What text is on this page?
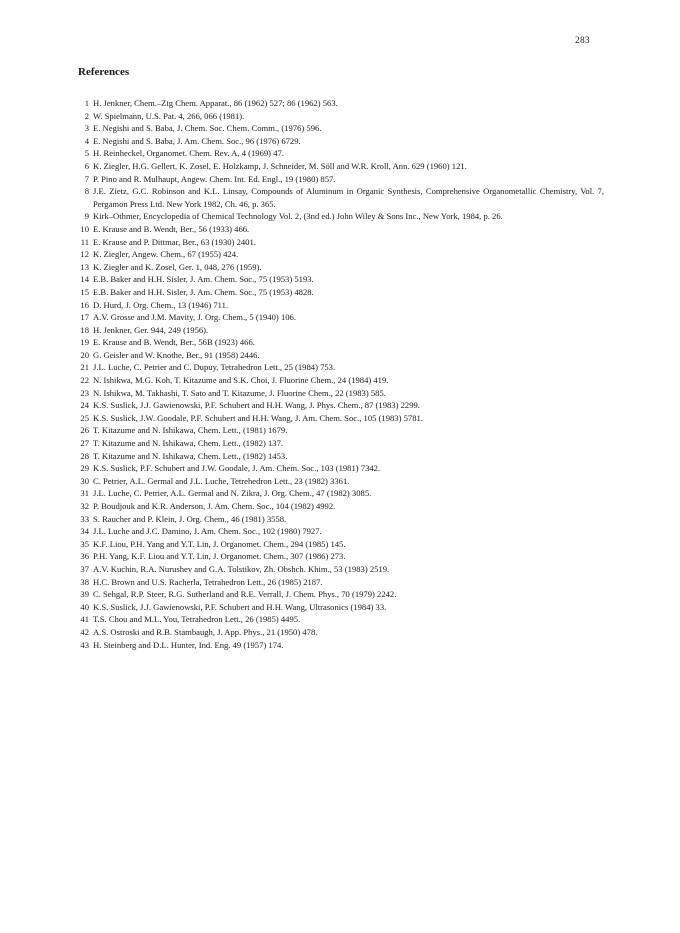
283
References
1 H. Jenkner, Chem.–Ztg Chem. Apparat., 86 (1962) 527; 86 (1962) 563.
2 W. Spielmann, U.S. Pat. 4, 266, 066 (1981).
3 E. Negishi and S. Baba, J. Chem. Soc. Chem. Comm., (1976) 596.
4 E. Negishi and S. Baba, J. Am. Chem. Soc., 96 (1976) 6729.
5 H. Reinheckel, Organomet. Chem. Rev. A, 4 (1969) 47.
6 K. Ziegler, H.G. Gellert, K. Zosel, E. Holzkamp, J. Schneider, M. Söll and W.R. Kroll, Ann. 629 (1960) 121.
7 P. Pino and R. Mulhaupt, Angew. Chem. Int. Ed. Engl., 19 (1980) 857.
8 J.E. Zietz, G.C. Robinson and K.L. Linsay, Compounds of Aluminum in Organic Synthesis, Comprehensive Organometallic Chemistry, Vol. 7, Pergamon Press Ltd. New York 1982, Ch. 46, p. 365.
9 Kirk–Othmer, Encyclopedia of Chemical Technology Vol. 2, (3nd ed.) John Wiley & Sons Inc., New York, 1984, p. 26.
10 E. Krause and B. Wendt, Ber., 56 (1933) 466.
11 E. Krause and P. Dittmar, Ber., 63 (1930) 2401.
12 K. Ziegler, Angew. Chem., 67 (1955) 424.
13 K. Ziegler and K. Zosel, Ger. 1, 048, 276 (1959).
14 E.B. Baker and H.H. Sisler, J. Am. Chem. Soc., 75 (1953) 5193.
15 E.B. Baker and H.H. Sisler, J. Am. Chem. Soc., 75 (1953) 4828.
16 D. Hurd, J. Org. Chem., 13 (1946) 711.
17 A.V. Grosse and J.M. Mavity, J. Org. Chem., 5 (1940) 106.
18 H. Jenkner, Ger. 944, 249 (1956).
19 E. Krause and B. Wendt, Ber., 56B (1923) 466.
20 G. Geisler and W. Knothe, Ber., 91 (1958) 2446.
21 J.L. Luche, C. Petrier and C. Dupuy, Tetrahedron Lett., 25 (1984) 753.
22 N. Ishikwa, M.G. Koh, T. Kitazume and S.K. Choi, J. Fluorine Chem., 24 (1984) 419.
23 N. Ishikwa, M. Takhashi, T. Sato and T. Kitazume, J. Fluorine Chem., 22 (1983) 585.
24 K.S. Suslick, J.J. Gawienowski, P.F. Schubert and H.H. Wang, J. Phys. Chem., 87 (1983) 2299.
25 K.S. Suslick, J.W. Goodale, P.F. Schubert and H.H. Wang, J. Am. Chem. Soc., 105 (1983) 5781.
26 T. Kitazume and N. Ishikawa, Chem. Lett., (1981) 1679.
27 T. Kitazume and N. Ishikawa, Chem. Lett., (1982) 137.
28 T. Kitazume and N. Ishikawa, Chem. Lett., (1982) 1453.
29 K.S. Suslick, P.F. Schubert and J.W. Goodale, J. Am. Chem. Soc., 103 (1981) 7342.
30 C. Petrier, A.L. Germal and J.L. Luche, Tetrehedron Lett., 23 (1982) 3361.
31 J.L. Luche, C. Petrier, A.L. Germal and N. Zikra, J. Org. Chem., 47 (1982) 3085.
32 P. Boudjouk and K.R. Anderson, J. Am. Chem. Soc., 104 (1982) 4992.
33 S. Raucher and P. Klein, J. Org. Chem., 46 (1981) 3558.
34 J.L. Luche and J.C. Damino, J. Am. Chem. Soc., 102 (1980) 7927.
35 K.F. Liou, P.H. Yang and Y.T. Lin, J. Organomet. Chem., 294 (1985) 145.
36 P.H. Yang, K.F. Liou and Y.T. Lin, J. Organomet. Chem., 307 (1986) 273.
37 A.V. Kuchin, R.A. Nurushev and G.A. Tolstikov, Zh. Obshch. Khim., 53 (1983) 2519.
38 H.C. Brown and U.S. Racherla, Tetrahedron Lett., 26 (1985) 2187.
39 C. Sehgal, R.P. Steer, R.G. Sutherland and R.E. Verrall, J. Chem. Phys., 70 (1979) 2242.
40 K.S. Suslick, J.J. Gawienowski, P.F. Schubert and H.H. Wang, Ultrasonics (1984) 33.
41 T.S. Chou and M.L. You, Tetrahedron Lett., 26 (1985) 4495.
42 A.S. Ostroski and R.B. Stambaugh, J. App. Phys., 21 (1950) 478.
43 H. Steinberg and D.L. Hunter, Ind. Eng. 49 (1957) 174.
